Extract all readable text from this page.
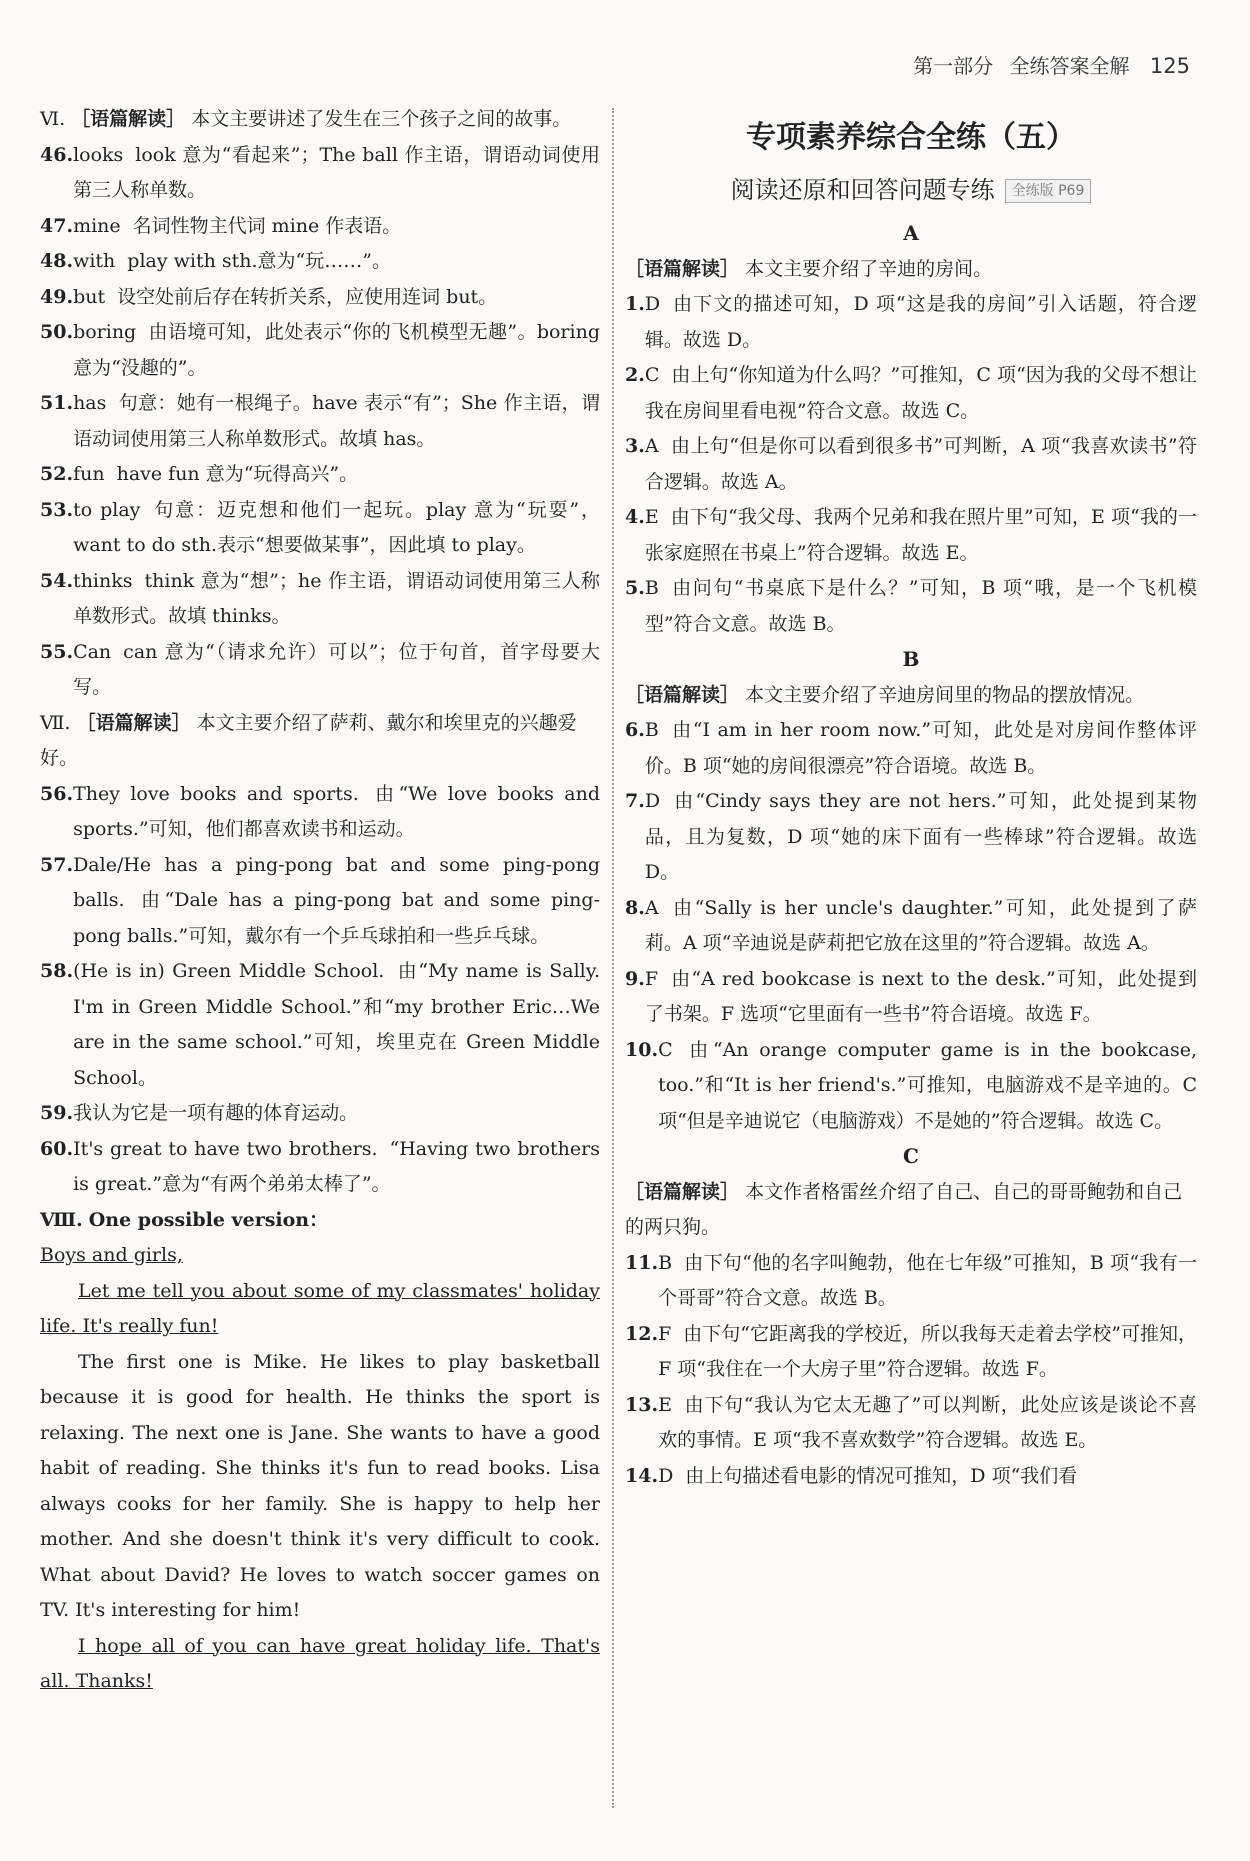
第一部分 全练答案全解 125
Ⅵ. ［语篇解读］ 本文主要讲述了发生在三个孩子之间的故事。
46. looks look 意为“看起来”；The ball 作主语，谓语动词使用第三人称单数。
47. mine 名词性物主代词 mine 作表语。
48. with play with sth.意为“玩……”。
49. but 设空处前后存在转折关系，应使用连词 but。
50. boring 由语境可知，此处表示“你的飞机模型无趣”。boring 意为“没趣的”。
51. has 句意：她有一根绳子。have 表示“有”；She 作主语，谓语动词使用第三人称单数形式。故填 has。
52. fun have fun 意为“玩得高兴”。
53. to play 句意：迈克想和他们一起玩。play 意为“玩耍”，want to do sth.表示“想要做某事”，因此填 to play。
54. thinks think 意为“想”；he 作主语，谓语动词使用第三人称单数形式。故填 thinks。
55. Can can 意为“（请求允许）可以”；位于句首，首字母要大写。
Ⅶ. ［语篇解读］ 本文主要介绍了萨莉、戴尔和埃里克的兴趣爱好。
56. They love books and sports. 由“We love books and sports.”可知，他们都喜欢读书和运动。
57. Dale/He has a ping-pong bat and some ping-pong balls. 由“Dale has a ping-pong bat and some ping-pong balls.”可知，戴尔有一个乒乓球拍和一些乒乓球。
58. (He is in) Green Middle School. 由“My name is Sally. I'm in Green Middle School.”和“my brother Eric…We are in the same school.”可知，埃里克在 Green Middle School。
59. 我认为它是一项有趣的体育运动。
60. It's great to have two brothers. “Having two brothers is great.”意为“有两个弟弟太棒了”。
Ⅷ. One possible version：

Boys and girls,

Let me tell you about some of my classmates' holiday life. It's really fun!

The first one is Mike. He likes to play basketball because it is good for health. He thinks the sport is relaxing. The next one is Jane. She wants to have a good habit of reading. She thinks it's fun to read books. Lisa always cooks for her family. She is happy to help her mother. And she doesn't think it's very difficult to cook. What about David? He loves to watch soccer games on TV. It's interesting for him!

I hope all of you can have great holiday life. That's all. Thanks!

专项素养综合全练（五）
阅读还原和回答问题专练 全练版 P69
A
［语篇解读］ 本文主要介绍了辛迪的房间。
1. D 由下文的描述可知，D 项“这是我的房间”引入话题，符合逻辑。故选 D。
2. C 由上句“你知道为什么吗？”可推知，C 项“因为我的父母不想让我在房间里看电视”符合文意。故选 C。
3. A 由上句“但是你可以看到很多书”可判断，A 项“我喜欢读书”符合逻辑。故选 A。
4. E 由下句“我父母、我两个兄弟和我在照片里”可知，E 项“我的一张家庭照在书桌上”符合逻辑。故选 E。
5. B 由问句“书桌底下是什么？”可知，B 项“哦，是一个飞机模型”符合文意。故选 B。
B
［语篇解读］ 本文主要介绍了辛迪房间里的物品的摆放情况。
6. B 由“I am in her room now.”可知，此处是对房间作整体评价。B 项“她的房间很漂亮”符合语境。故选 B。
7. D 由“Cindy says they are not hers.”可知，此处提到某物品，且为复数，D 项“她的床下面有一些棒球”符合逻辑。故选 D。
8. A 由“Sally is her uncle's daughter.”可知，此处提到了萨莉。A 项“辛迪说是萨莉把它放在这里的”符合逻辑。故选 A。
9. F 由“A red bookcase is next to the desk.”可知，此处提到了书架。F 选项“它里面有一些书”符合语境。故选 F。
10. C 由“An orange computer game is in the bookcase, too.”和“It is her friend's.”可推知，电脑游戏不是辛迪的。C 项“但是辛迪说它（电脑游戏）不是她的”符合逻辑。故选 C。
C
［语篇解读］ 本文作者格雷丝介绍了自己、自己的哥哥鲍勃和自己的两只狗。
11. B 由下句“他的名字叫鲍勃，他在七年级”可推知，B 项“我有一个哥哥”符合文意。故选 B。
12. F 由下句“它距离我的学校近，所以我每天走着去学校”可推知，F 项“我住在一个大房子里”符合逻辑。故选 F。
13. E 由下句“我认为它太无趣了”可以判断，此处应该是谈论不喜欢的事情。E 项“我不喜欢数学”符合逻辑。故选 E。
14. D 由上句描述看电影的情况可推知，D 项“我们看
